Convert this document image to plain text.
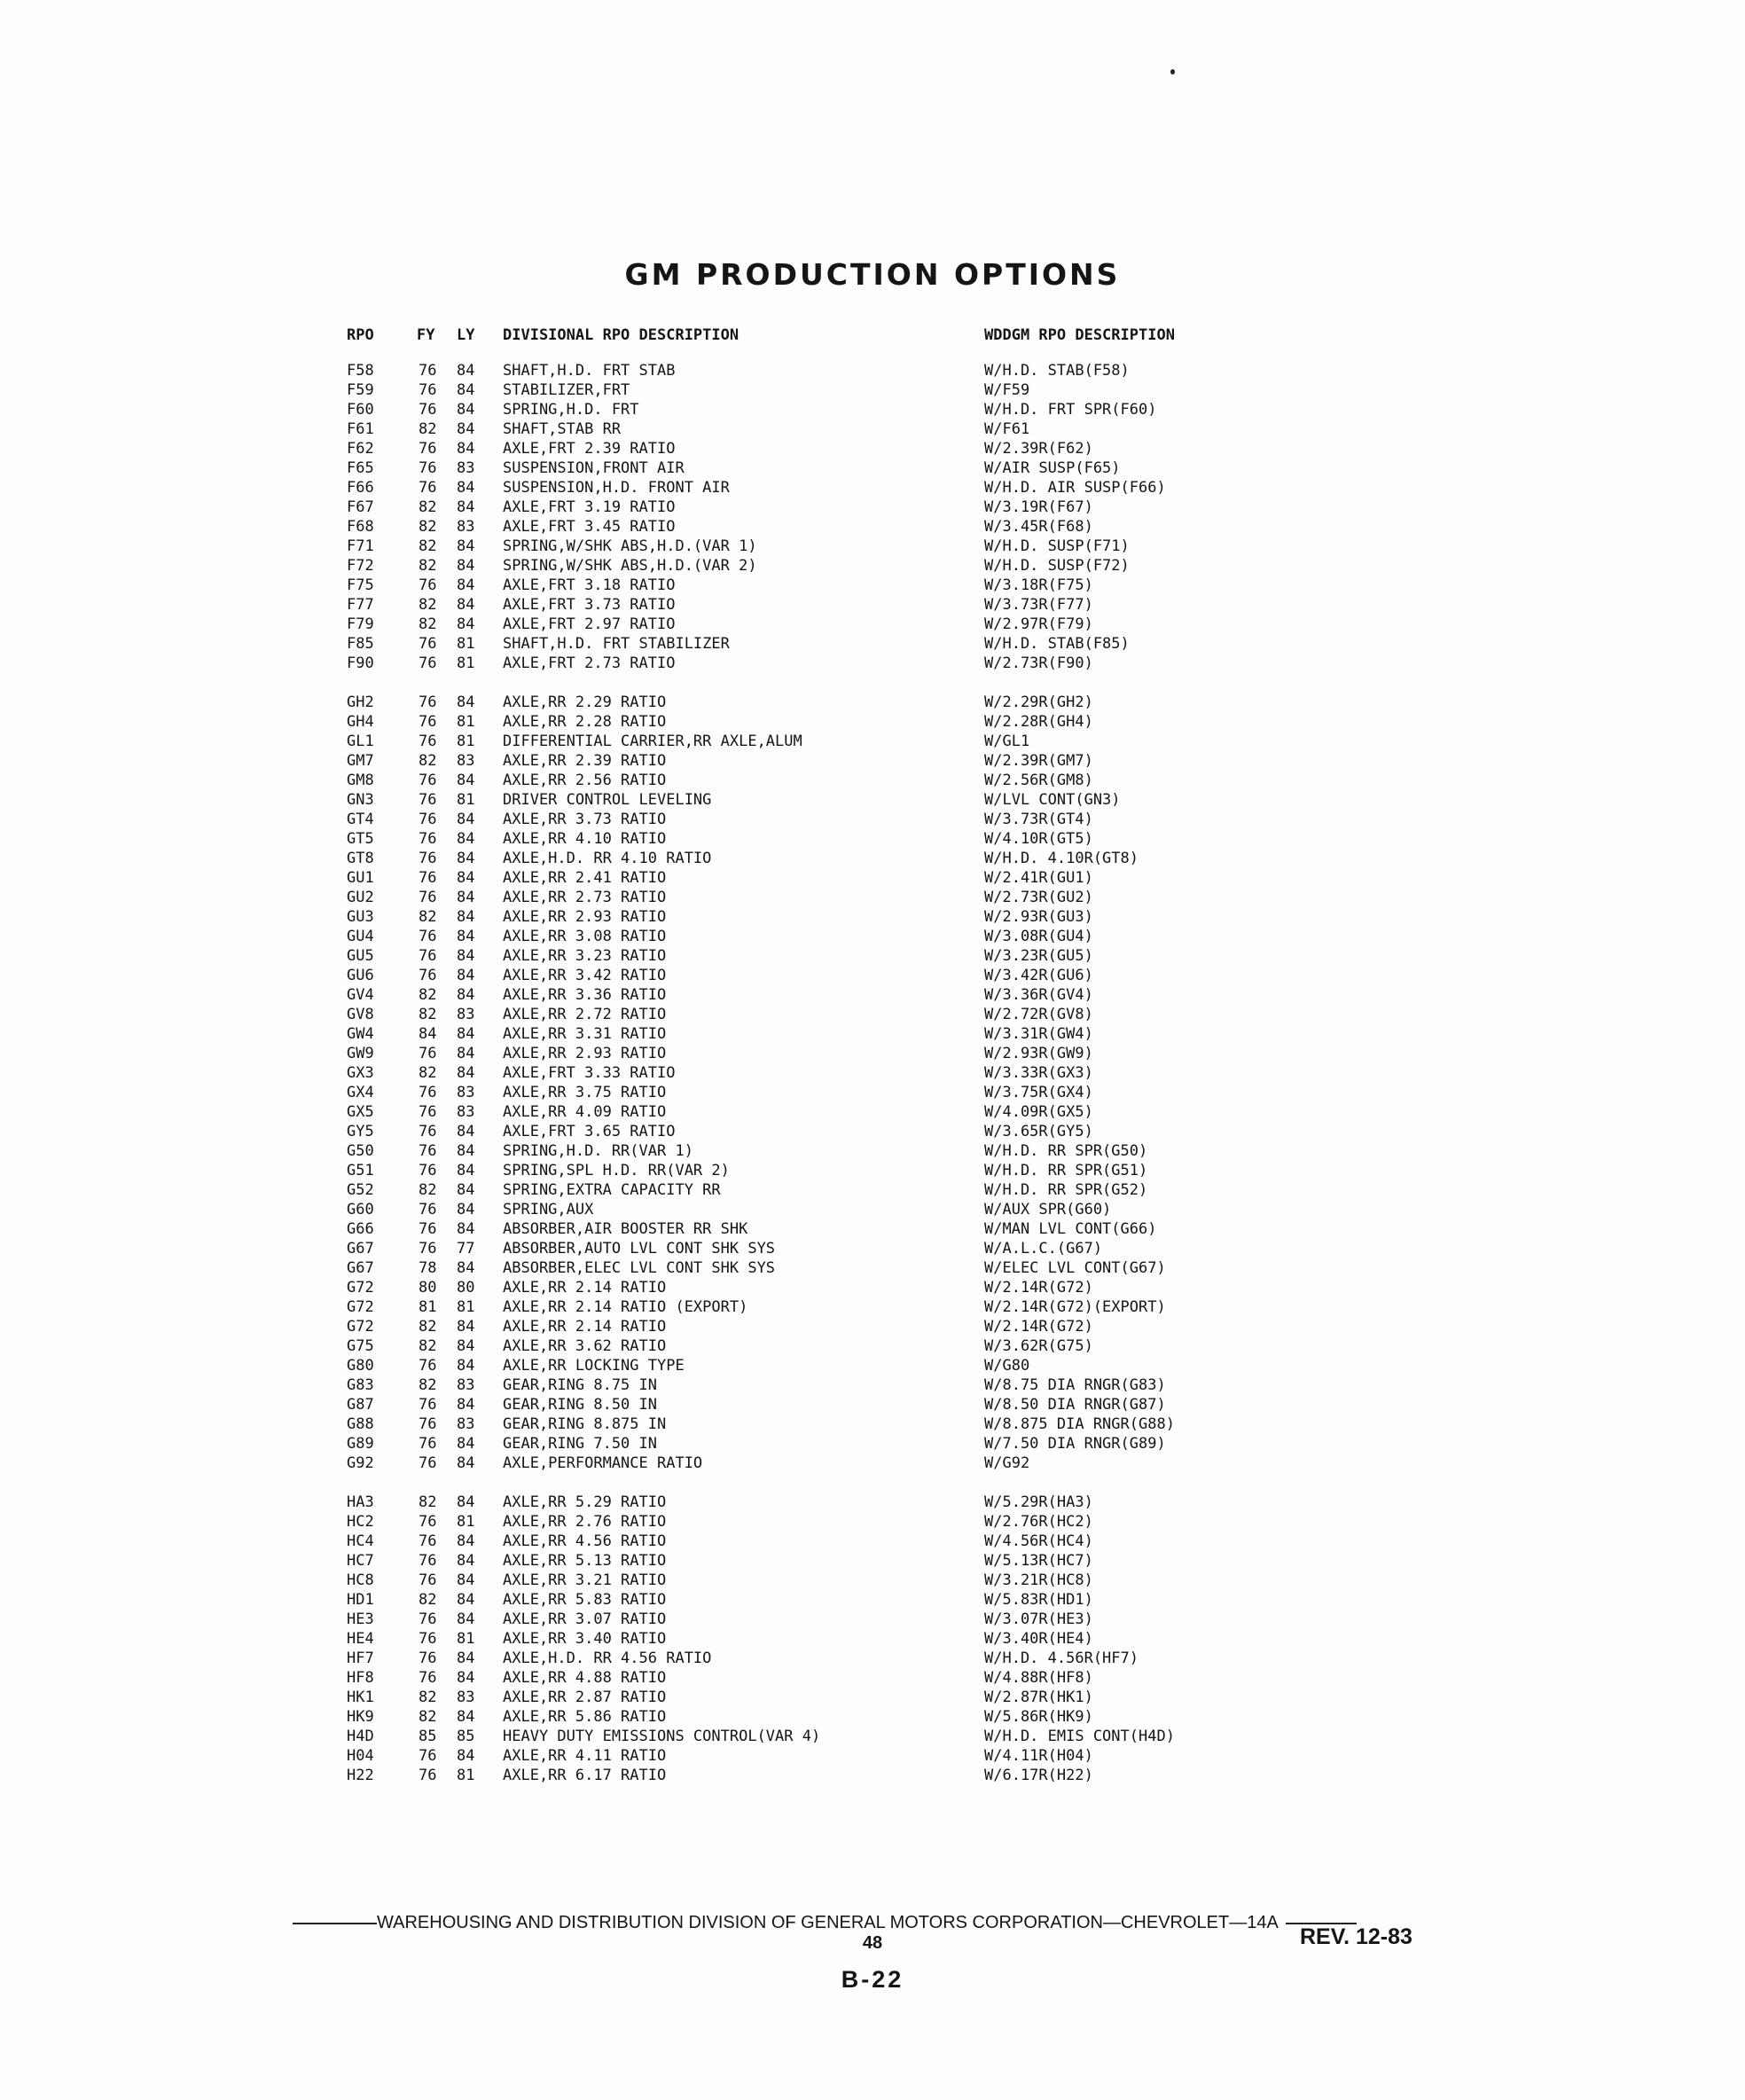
GM PRODUCTION OPTIONS
RPO	FY LY DIVISIONAL RPO DESCRIPTION	WDDGM RPO DESCRIPTION
F58	76 84 SHAFT,H.D. FRT STAB	W/H.D. STAB(F58)
F59	76 84 STABILIZER,FRT	W/F59
F60	76 84 SPRING,H.D. FRT	W/H.D. FRT SPR(F60)
F61	82 84 SHAFT,STAB RR	W/F61
F62	76 84 AXLE,FRT 2.39 RATIO	W/2.39R(F62)
F65	76 83 SUSPENSION,FRONT AIR	W/AIR SUSP(F65)
F66	76 84 SUSPENSION,H.D. FRONT AIR	W/H.D. AIR SUSP(F66)
F67	82 84 AXLE,FRT 3.19 RATIO	W/3.19R(F67)
F68	82 83 AXLE,FRT 3.45 RATIO	W/3.45R(F68)
F71	82 84 SPRING,W/SHK ABS,H.D.(VAR 1)	W/H.D. SUSP(F71)
F72	82 84 SPRING,W/SHK ABS,H.D.(VAR 2)	W/H.D. SUSP(F72)
F75	76 84 AXLE,FRT 3.18 RATIO	W/3.18R(F75)
F77	82 84 AXLE,FRT 3.73 RATIO	W/3.73R(F77)
F79	82 84 AXLE,FRT 2.97 RATIO	W/2.97R(F79)
F85	76 81 SHAFT,H.D. FRT STABILIZER	W/H.D. STAB(F85)
F90	76 81 AXLE,FRT 2.73 RATIO	W/2.73R(F90)
GH2	76 84 AXLE,RR 2.29 RATIO	W/2.29R(GH2)
GH4	76 81 AXLE,RR 2.28 RATIO	W/2.28R(GH4)
GL1	76 81 DIFFERENTIAL CARRIER,RR AXLE,ALUM	W/GL1
GM7	82 83 AXLE,RR 2.39 RATIO	W/2.39R(GM7)
GM8	76 84 AXLE,RR 2.56 RATIO	W/2.56R(GM8)
GN3	76 81 DRIVER CONTROL LEVELING	W/LVL CONT(GN3)
GT4	76 84 AXLE,RR 3.73 RATIO	W/3.73R(GT4)
GT5	76 84 AXLE,RR 4.10 RATIO	W/4.10R(GT5)
GT8	76 84 AXLE,H.D. RR 4.10 RATIO	W/H.D. 4.10R(GT8)
GU1	76 84 AXLE,RR 2.41 RATIO	W/2.41R(GU1)
GU2	76 84 AXLE,RR 2.73 RATIO	W/2.73R(GU2)
GU3	82 84 AXLE,RR 2.93 RATIO	W/2.93R(GU3)
GU4	76 84 AXLE,RR 3.08 RATIO	W/3.08R(GU4)
GU5	76 84 AXLE,RR 3.23 RATIO	W/3.23R(GU5)
GU6	76 84 AXLE,RR 3.42 RATIO	W/3.42R(GU6)
GV4	82 84 AXLE,RR 3.36 RATIO	W/3.36R(GV4)
GV8	82 83 AXLE,RR 2.72 RATIO	W/2.72R(GV8)
GW4	84 84 AXLE,RR 3.31 RATIO	W/3.31R(GW4)
GW9	76 84 AXLE,RR 2.93 RATIO	W/2.93R(GW9)
GX3	82 84 AXLE,FRT 3.33 RATIO	W/3.33R(GX3)
GX4	76 83 AXLE,RR 3.75 RATIO	W/3.75R(GX4)
GX5	76 83 AXLE,RR 4.09 RATIO	W/4.09R(GX5)
GY5	76 84 AXLE,FRT 3.65 RATIO	W/3.65R(GY5)
G50	76 84 SPRING,H.D. RR(VAR 1)	W/H.D. RR SPR(G50)
G51	76 84 SPRING,SPL H.D. RR(VAR 2)	W/H.D. RR SPR(G51)
G52	82 84 SPRING,EXTRA CAPACITY RR	W/H.D. RR SPR(G52)
G60	76 84 SPRING,AUX	W/AUX SPR(G60)
G66	76 84 ABSORBER,AIR BOOSTER RR SHK	W/MAN LVL CONT(G66)
G67	76 77 ABSORBER,AUTO LVL CONT SHK SYS	W/A.L.C.(G67)
G67	78 84 ABSORBER,ELEC LVL CONT SHK SYS	W/ELEC LVL CONT(G67)
G72	80 80 AXLE,RR 2.14 RATIO	W/2.14R(G72)
G72	81 81 AXLE,RR 2.14 RATIO (EXPORT)	W/2.14R(G72)(EXPORT)
G72	82 84 AXLE,RR 2.14 RATIO	W/2.14R(G72)
G75	82 84 AXLE,RR 3.62 RATIO	W/3.62R(G75)
G80	76 84 AXLE,RR LOCKING TYPE	W/G80
G83	82 83 GEAR,RING 8.75 IN	W/8.75 DIA RNGR(G83)
G87	76 84 GEAR,RING 8.50 IN	W/8.50 DIA RNGR(G87)
G88	76 83 GEAR,RING 8.875 IN	W/8.875 DIA RNGR(G88)
G89	76 84 GEAR,RING 7.50 IN	W/7.50 DIA RNGR(G89)
G92	76 84 AXLE,PERFORMANCE RATIO	W/G92
HA3	82 84 AXLE,RR 5.29 RATIO	W/5.29R(HA3)
HC2	76 81 AXLE,RR 2.76 RATIO	W/2.76R(HC2)
HC4	76 84 AXLE,RR 4.56 RATIO	W/4.56R(HC4)
HC7	76 84 AXLE,RR 5.13 RATIO	W/5.13R(HC7)
HC8	76 84 AXLE,RR 3.21 RATIO	W/3.21R(HC8)
HD1	82 84 AXLE,RR 5.83 RATIO	W/5.83R(HD1)
HE3	76 84 AXLE,RR 3.07 RATIO	W/3.07R(HE3)
HE4	76 81 AXLE,RR 3.40 RATIO	W/3.40R(HE4)
HF7	76 84 AXLE,H.D. RR 4.56 RATIO	W/H.D. 4.56R(HF7)
HF8	76 84 AXLE,RR 4.88 RATIO	W/4.88R(HF8)
HK1	82 83 AXLE,RR 2.87 RATIO	W/2.87R(HK1)
HK9	82 84 AXLE,RR 5.86 RATIO	W/5.86R(HK9)
H4D	85 85 HEAVY DUTY EMISSIONS CONTROL(VAR 4)	W/H.D. EMIS CONT(H4D)
H04	76 84 AXLE,RR 4.11 RATIO	W/4.11R(H04)
H22	76 81 AXLE,RR 6.17 RATIO	W/6.17R(H22)
WAREHOUSING AND DISTRIBUTION DIVISION OF GENERAL MOTORS CORPORATION—CHEVROLET—14A
REV. 12-83
48
B-22
